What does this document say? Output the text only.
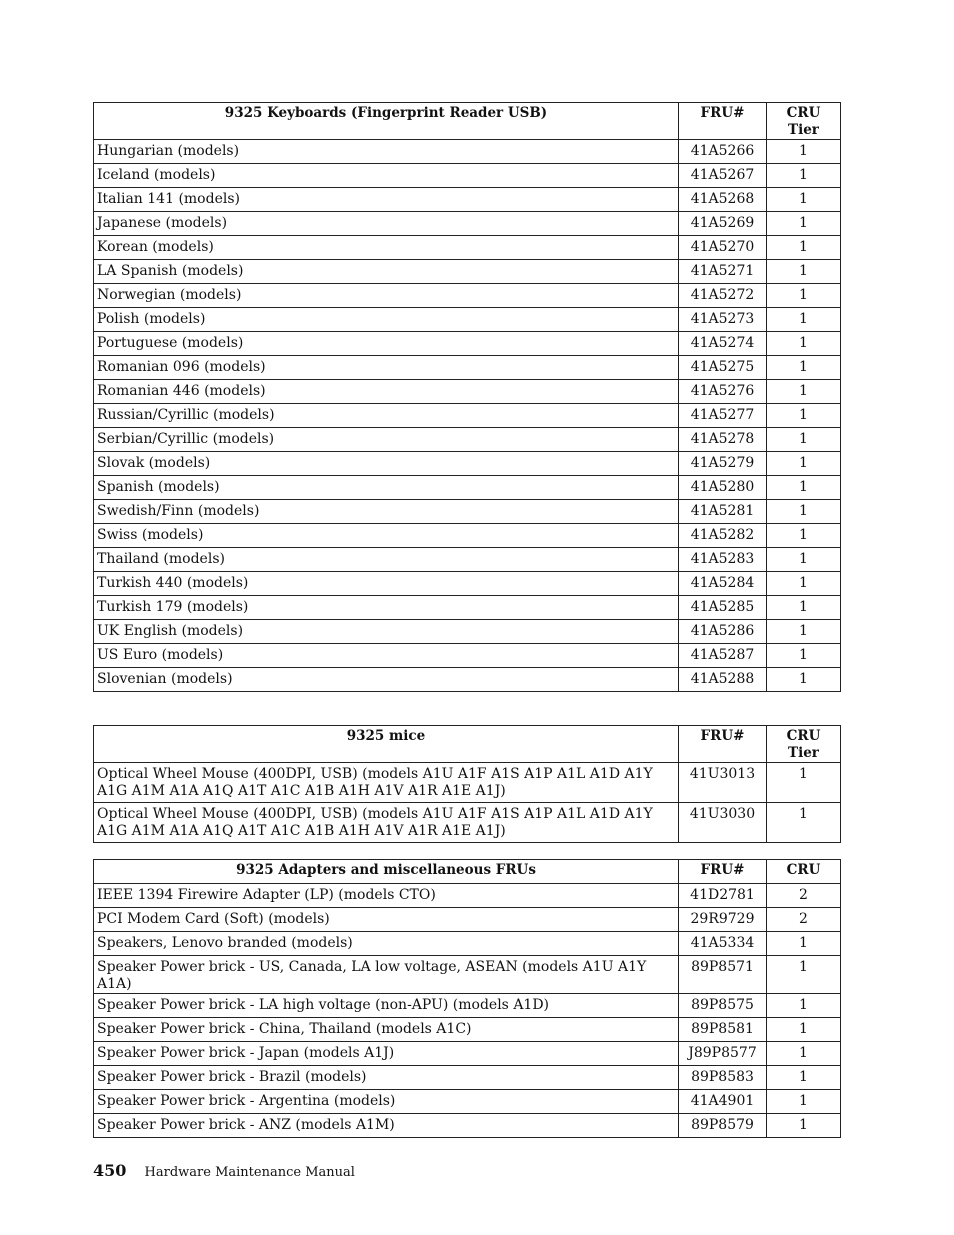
9325 Keyboards (Fingerprint Reader USB)	FRU#	CRU Tier
Hungarian (models)	41A5266	1
Iceland (models)	41A5267	1
Italian 141 (models)	41A5268	1
Japanese (models)	41A5269	1
Korean (models)	41A5270	1
LA Spanish (models)	41A5271	1
Norwegian (models)	41A5272	1
Polish (models)	41A5273	1
Portuguese (models)	41A5274	1
Romanian 096 (models)	41A5275	1
Romanian 446 (models)	41A5276	1
Russian/Cyrillic (models)	41A5277	1
Serbian/Cyrillic (models)	41A5278	1
Slovak (models)	41A5279	1
Spanish (models)	41A5280	1
Swedish/Finn (models)	41A5281	1
Swiss (models)	41A5282	1
Thailand (models)	41A5283	1
Turkish 440 (models)	41A5284	1
Turkish 179 (models)	41A5285	1
UK English (models)	41A5286	1
US Euro (models)	41A5287	1
Slovenian (models)	41A5288	1
9325 mice	FRU#	CRU Tier
Optical Wheel Mouse (400DPI, USB) (models A1U A1F A1S A1P A1L A1D A1Y A1G A1M A1A A1Q A1T A1C A1B A1H A1V A1R A1E A1J)	41U3013	1
Optical Wheel Mouse (400DPI, USB) (models A1U A1F A1S A1P A1L A1D A1Y A1G A1M A1A A1Q A1T A1C A1B A1H A1V A1R A1E A1J)	41U3030	1
9325 Adapters and miscellaneous FRUs	FRU#	CRU
IEEE 1394 Firewire Adapter (LP) (models CTO)	41D2781	2
PCI Modem Card (Soft) (models)	29R9729	2
Speakers, Lenovo branded (models)	41A5334	1
Speaker Power brick - US, Canada, LA low voltage, ASEAN (models A1U A1Y A1A)	89P8571	1
Speaker Power brick - LA high voltage (non-APU) (models A1D)	89P8575	1
Speaker Power brick - China, Thailand (models A1C)	89P8581	1
Speaker Power brick - Japan (models A1J)	J89P8577	1
Speaker Power brick - Brazil (models)	89P8583	1
Speaker Power brick - Argentina (models)	41A4901	1
Speaker Power brick - ANZ (models A1M)	89P8579	1
450 Hardware Maintenance Manual
